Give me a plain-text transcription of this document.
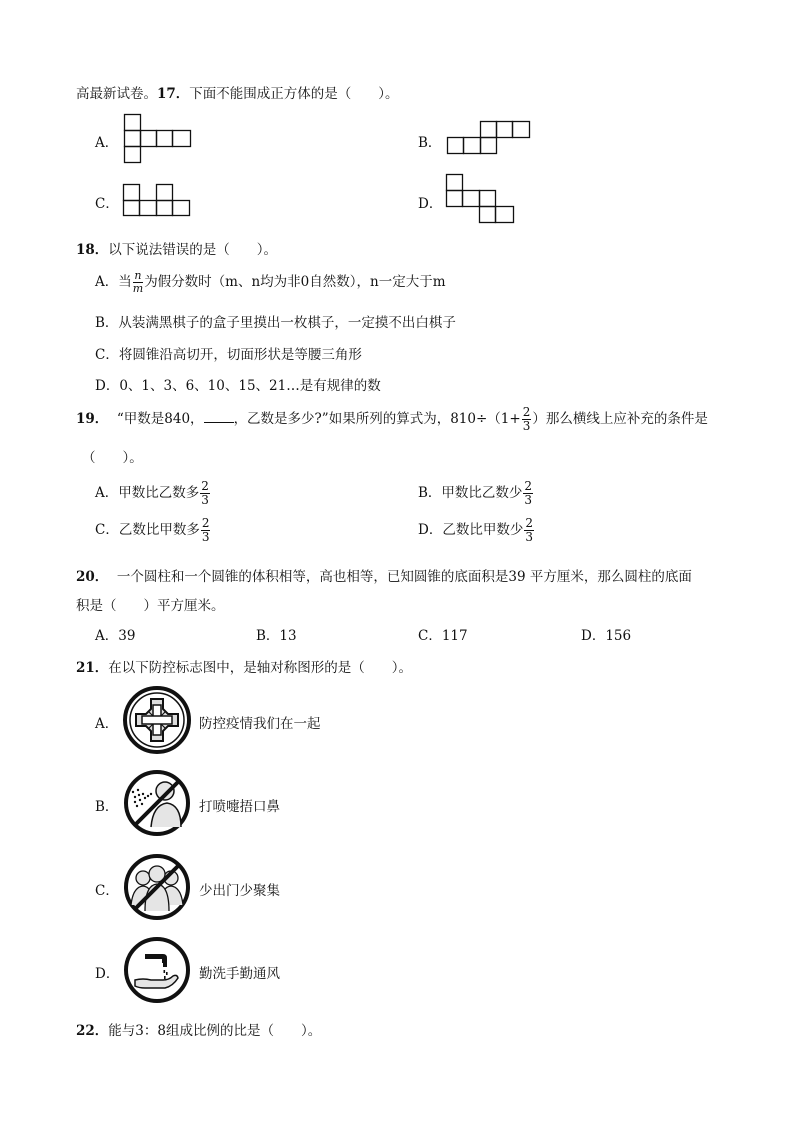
高最新试卷。17．下面不能围成正方体的是（　　）。
A．	B．
C．	D．
18．以下说法错误的是（　　）。
A．当 $\frac{n}{m}$ 为假分数时（m、n均为非0自然数），n一定大于m
B．从装满黑棋子的盒子里摸出一枚棋子，一定摸不出白棋子
C．将圆锥沿高切开，切面形状是等腰三角形
D．0、1、3、6、10、15、21…是有规律的数
19． “甲数是840， ，乙数是多少?”如果所列的算式为，$810\div(1+ \frac{2}{3}$ ）那么横线上应补充的条件是
（　　）。
A．甲数比乙数多 $\frac{2}{3}$	B．甲数比乙数少 $\frac{2}{3}$
C．乙数比甲数多 $\frac{2}{3}$	D．乙数比甲数少 $\frac{2}{3}$
20． 一个圆柱和一个圆锥的体积相等，高也相等，已知圆锥的底面积是39 平方厘米，那么圆柱的底面
积是（　　）平方厘米。
A．39	B．13	C．117	D．156
21．在以下防控标志图中，是轴对称图形的是（　　）。
A．	防控疫情我们在一起
B．	打喷嚏捂口鼻
C．	少出门少聚集
D．	勤洗手勤通风
22．能与3：8组成比例的比是（　　）。
